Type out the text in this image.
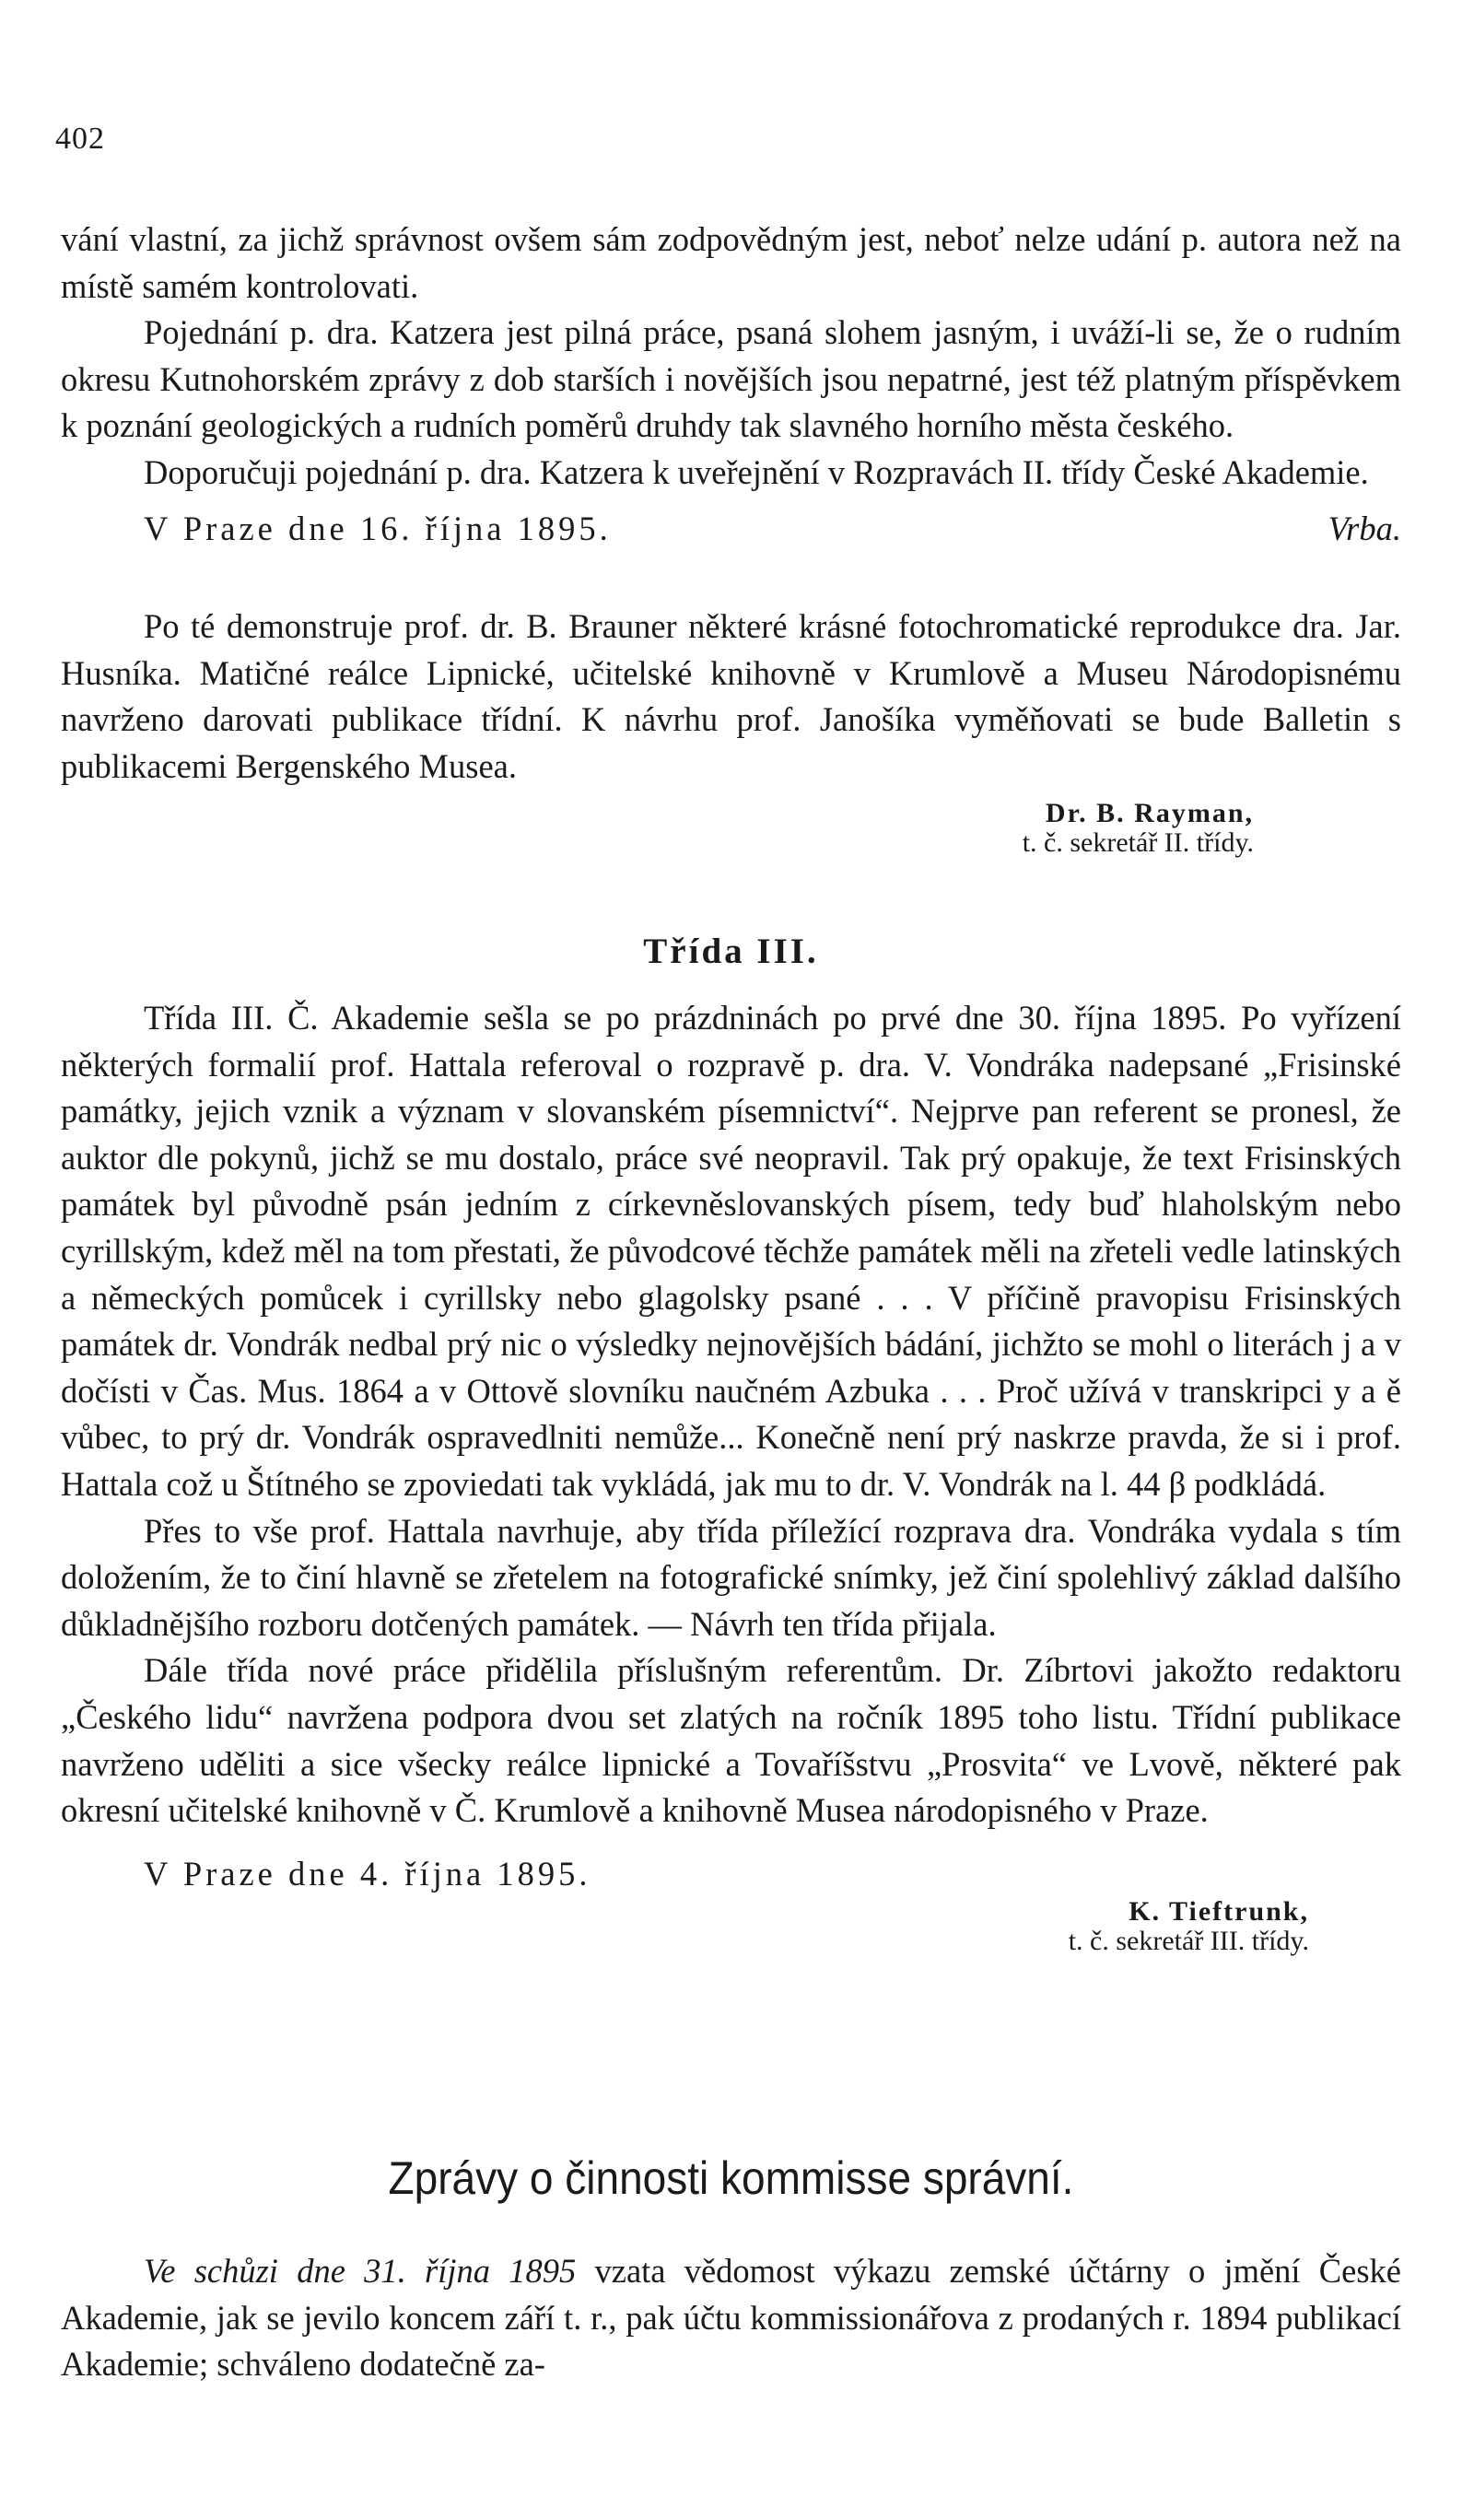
402

vání vlastní, za jichž správnost ovšem sám zodpovědným jest, neboť nelze udání p. autora než na místě samém kontrolovati.

Pojednání p. dra. Katzera jest pilná práce, psaná slohem jasným, i uváží-li se, že o rudním okresu Kutnohorském zprávy z dob starších i novějších jsou nepatrné, jest též platným příspěvkem k poznání geologických a rudních poměrů druhdy tak slavného horního města českého.

Doporučuji pojednání p. dra. Katzera k uveřejnění v Rozpravách II. třídy České Akademie.

V Praze dne 16. října 1895.	Vrba.

Po té demonstruje prof. dr. B. Brauner některé krásné fotochromatické reprodukce dra. Jar. Husníka. Matičné reálce Lipnické, učitelské knihovně v Krumlově a Museu Národopisnému navrženo darovati publikace třídní. K návrhu prof. Janošíka vyměňovati se bude Balletin s publikacemi Bergenského Musea.

Dr. B. Rayman,
t. č. sekretář II. třídy.
Třída III.

Třída III. Č. Akademie sešla se po prázdninách po prvé dne 30. října 1895. Po vyřízení některých formalií prof. Hattala referoval o rozpravě p. dra. V. Vondráka nadepsané „Frisinské památky, jejich vznik a význam v slovanském písemnictví“. Nejprve pan referent se pronesl, že auktor dle pokynů, jichž se mu dostalo, práce své neopravil. Tak prý opakuje, že text Frisinských památek byl původně psán jedním z církevněslovanských písem, tedy buď hlaholským nebo cyrillským, kdež měl na tom přestati, že původcové těchže památek měli na zřeteli vedle latinských a německých pomůcek i cyrillsky nebo glagolsky psané . . . V příčině pravopisu Frisinských památek dr. Vondrák nedbal prý nic o výsledky nejnovějších bádání, jichžto se mohl o literách j a v dočísti v Čas. Mus. 1864 a v Ottově slovníku naučném Azbuka . . . Proč užívá v transkripci y a ě vůbec, to prý dr. Vondrák ospravedlniti nemůže... Konečně není prý naskrze pravda, že si i prof. Hattala což u Štítného se zpoviedati tak vykládá, jak mu to dr. V. Vondrák na l. 44 β podkládá.

Přes to vše prof. Hattala navrhuje, aby třída příležící rozprava dra. Vondráka vydala s tím doložením, že to činí hlavně se zřetelem na fotografické snímky, jež činí spolehlivý základ dalšího důkladnějšího rozboru dotčených památek. — Návrh ten třída přijala.

Dále třída nové práce přidělila příslušným referentům. Dr. Zíbrtovi jakožto redaktoru „Českého lidu“ navržena podpora dvou set zlatých na ročník 1895 toho listu. Třídní publikace navrženo uděliti a sice všecky reálce lipnické a Tovaříšstvu „Prosvita“ ve Lvově, některé pak okresní učitelské knihovně v Č. Krumlově a knihovně Musea národopisného v Praze.

V Praze dne 4. října 1895.
K. Tieftrunk,
t. č. sekretář III. třídy.
Zprávy o činnosti kommisse správní.

Ve schůzi dne 31. října 1895 vzata vědomost výkazu zemské účtárny o jmění České Akademie, jak se jevilo koncem září t. r., pak účtu kommissionářova z prodaných r. 1894 publikací Akademie; schváleno dodatečně za-
